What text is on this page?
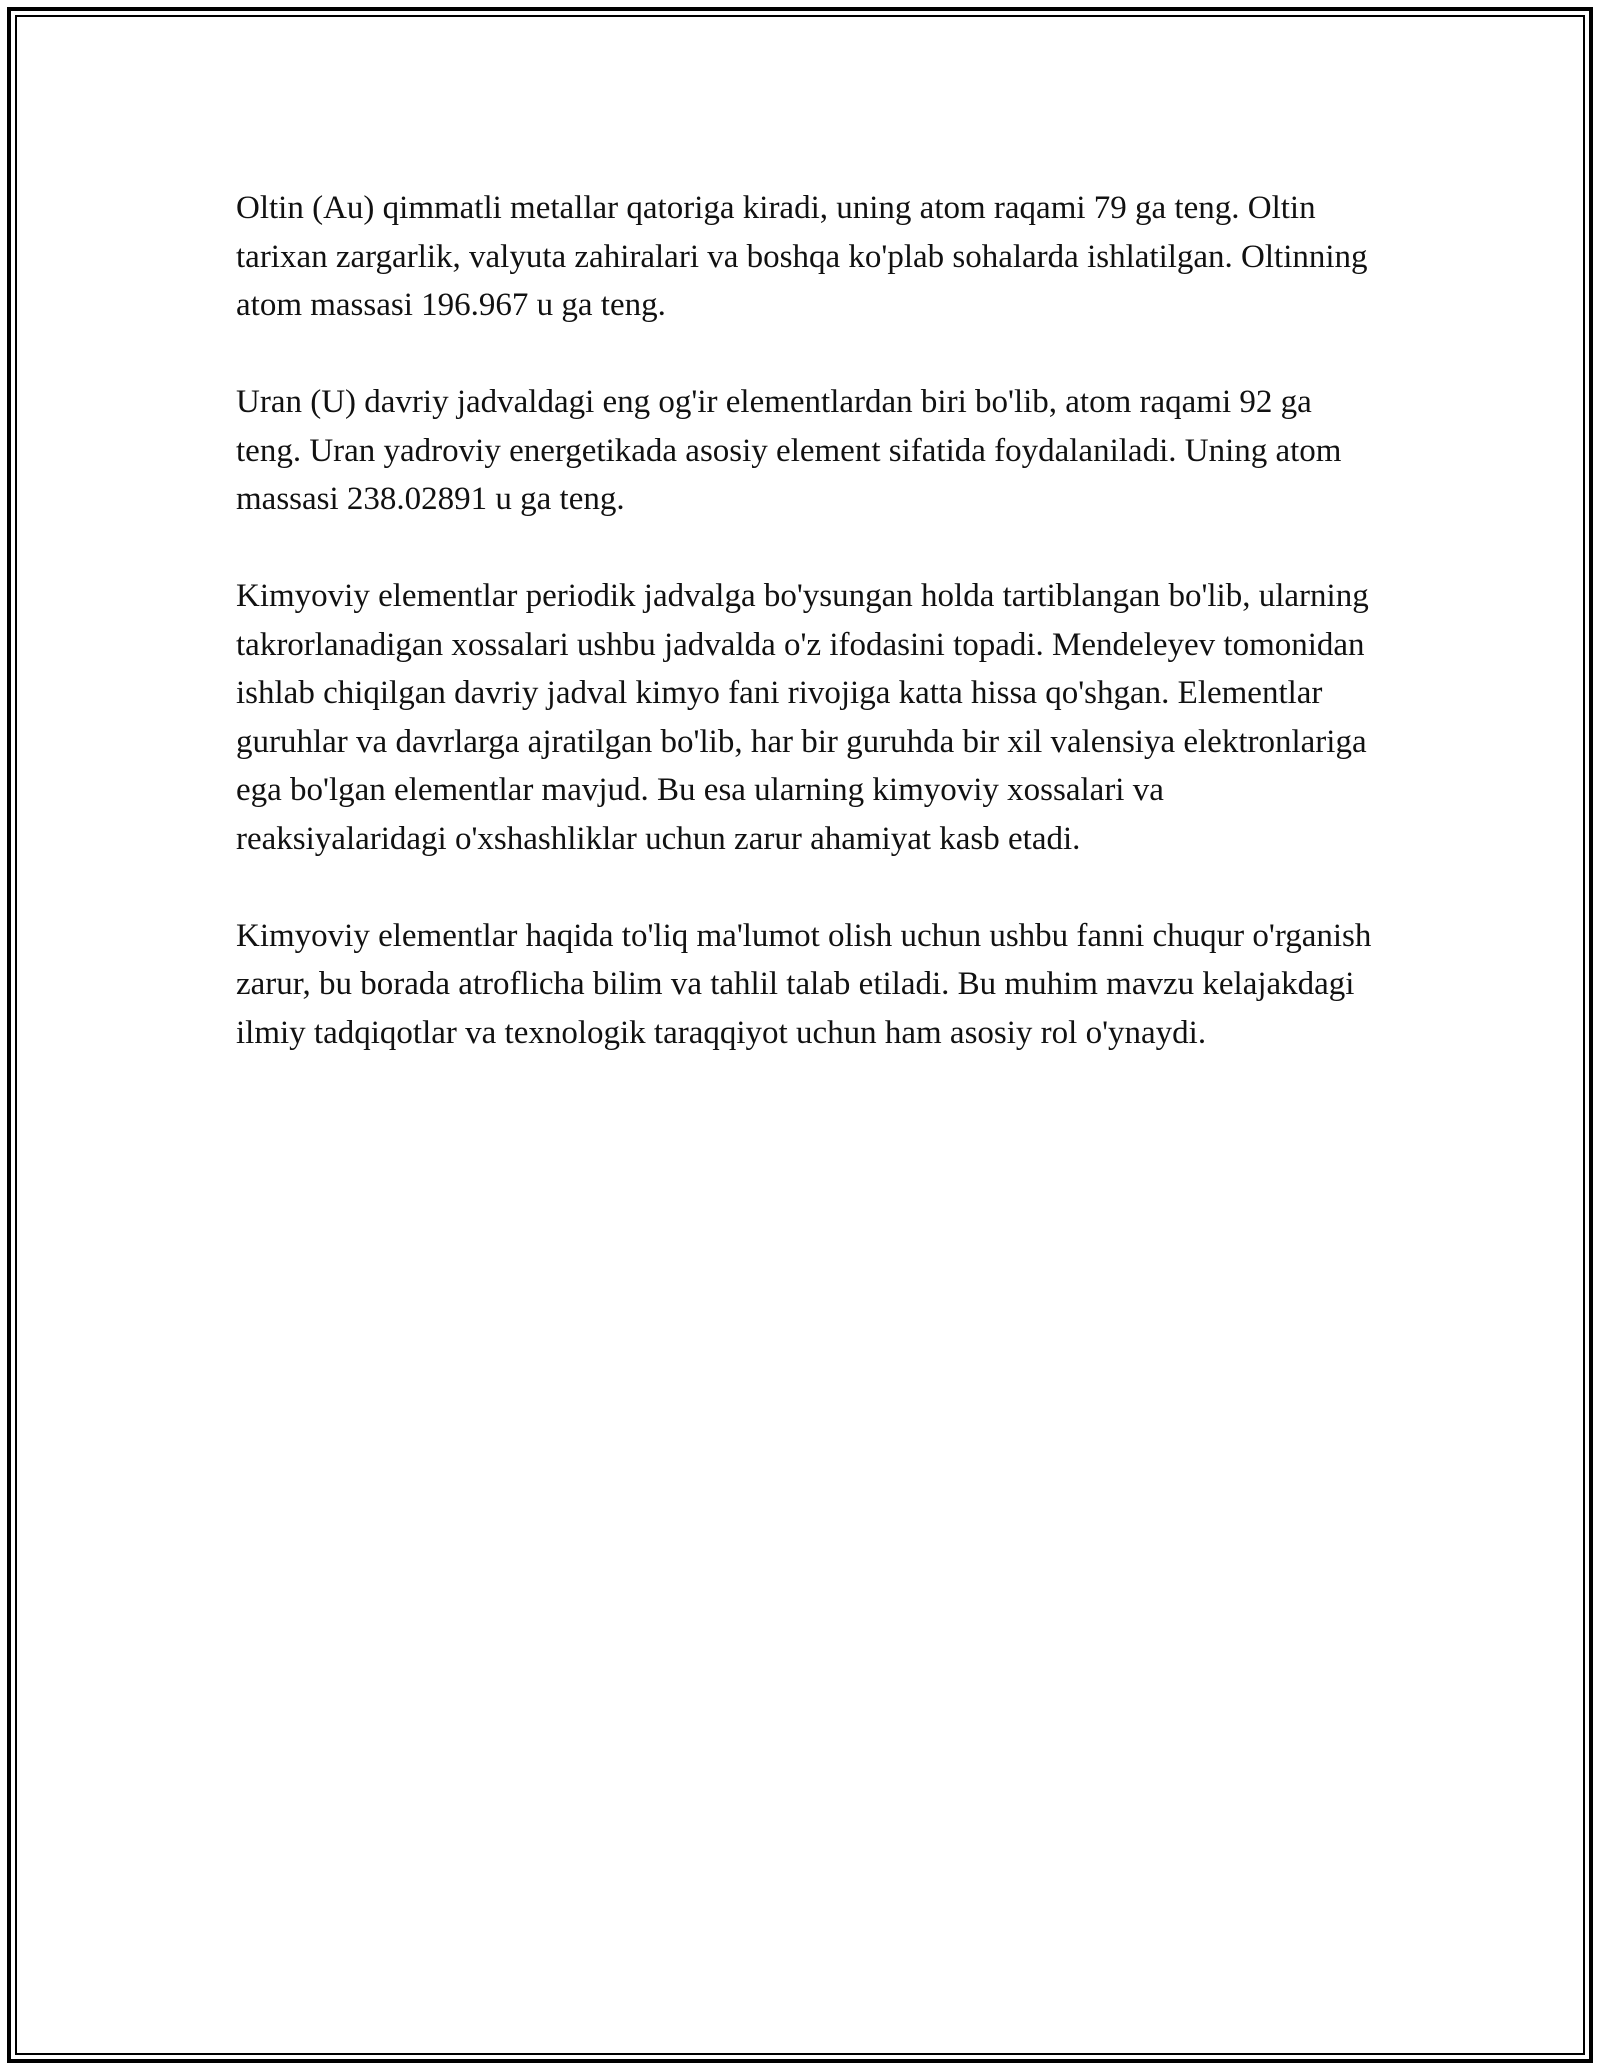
Oltin (Au) qimmatli metallar qatoriga kiradi, uning atom raqami 79 ga teng. Oltin tarixan zargarlik, valyuta zahiralari va boshqa ko'plab sohalarda ishlatilgan. Oltinning atom massasi 196.967 u ga teng.

Uran (U) davriy jadvaldagi eng og'ir elementlardan biri bo'lib, atom raqami 92 ga teng. Uran yadroviy energetikada asosiy element sifatida foydalaniladi. Uning atom massasi 238.02891 u ga teng.

Kimyoviy elementlar periodik jadvalga bo'ysungan holda tartiblangan bo'lib, ularning takrorlanadigan xossalari ushbu jadvalda o'z ifodasini topadi. Mendeleyev tomonidan ishlab chiqilgan davriy jadval kimyo fani rivojiga katta hissa qo'shgan. Elementlar guruhlar va davrlarga ajratilgan bo'lib, har bir guruhda bir xil valensiya elektronlariga ega bo'lgan elementlar mavjud. Bu esa ularning kimyoviy xossalari va reaksiyalaridagi o'xshashliklar uchun zarur ahamiyat kasb etadi.

Kimyoviy elementlar haqida to'liq ma'lumot olish uchun ushbu fanni chuqur o'rganish zarur, bu borada atroflicha bilim va tahlil talab etiladi. Bu muhim mavzu kelajakdagi ilmiy tadqiqotlar va texnologik taraqqiyot uchun ham asosiy rol o'ynaydi.
